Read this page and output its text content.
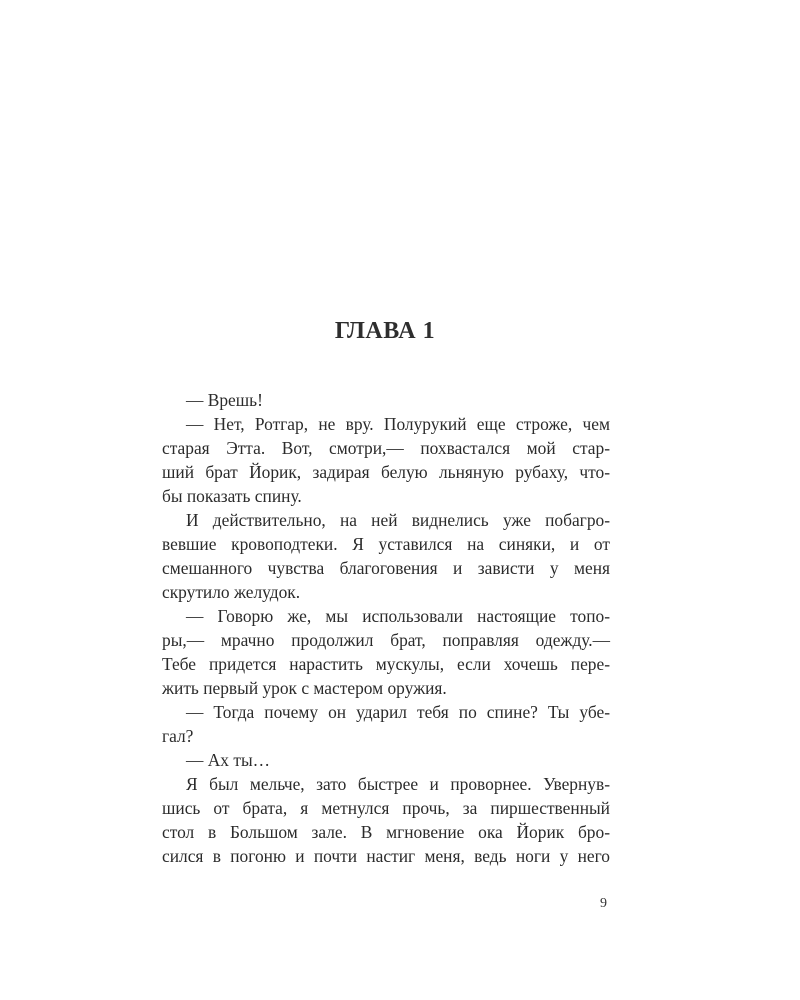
ГЛАВА 1

— Врешь!

— Нет, Ротгар, не вру. Полурукий еще строже, чем

старая Этта. Вот, смотри,— похвастался мой стар-

ший брат Йорик, задирая белую льняную рубаху, что-

бы показать спину.

И действительно, на ней виднелись уже побагро-

вевшие кровоподтеки. Я уставился на синяки, и от

смешанного чувства благоговения и зависти у меня

скрутило желудок.

— Говорю же, мы использовали настоящие топо-

ры,— мрачно продолжил брат, поправляя одежду.—

Тебе придется нарастить мускулы, если хочешь пере-

жить первый урок с мастером оружия.

— Тогда почему он ударил тебя по спине? Ты убе-

гал?

— Ах ты…

Я был мельче, зато быстрее и проворнее. Увернув-

шись от брата, я метнулся прочь, за пиршественный

стол в Большом зале. В мгновение ока Йорик бро-

сился в погоню и почти настиг меня, ведь ноги у него

9
